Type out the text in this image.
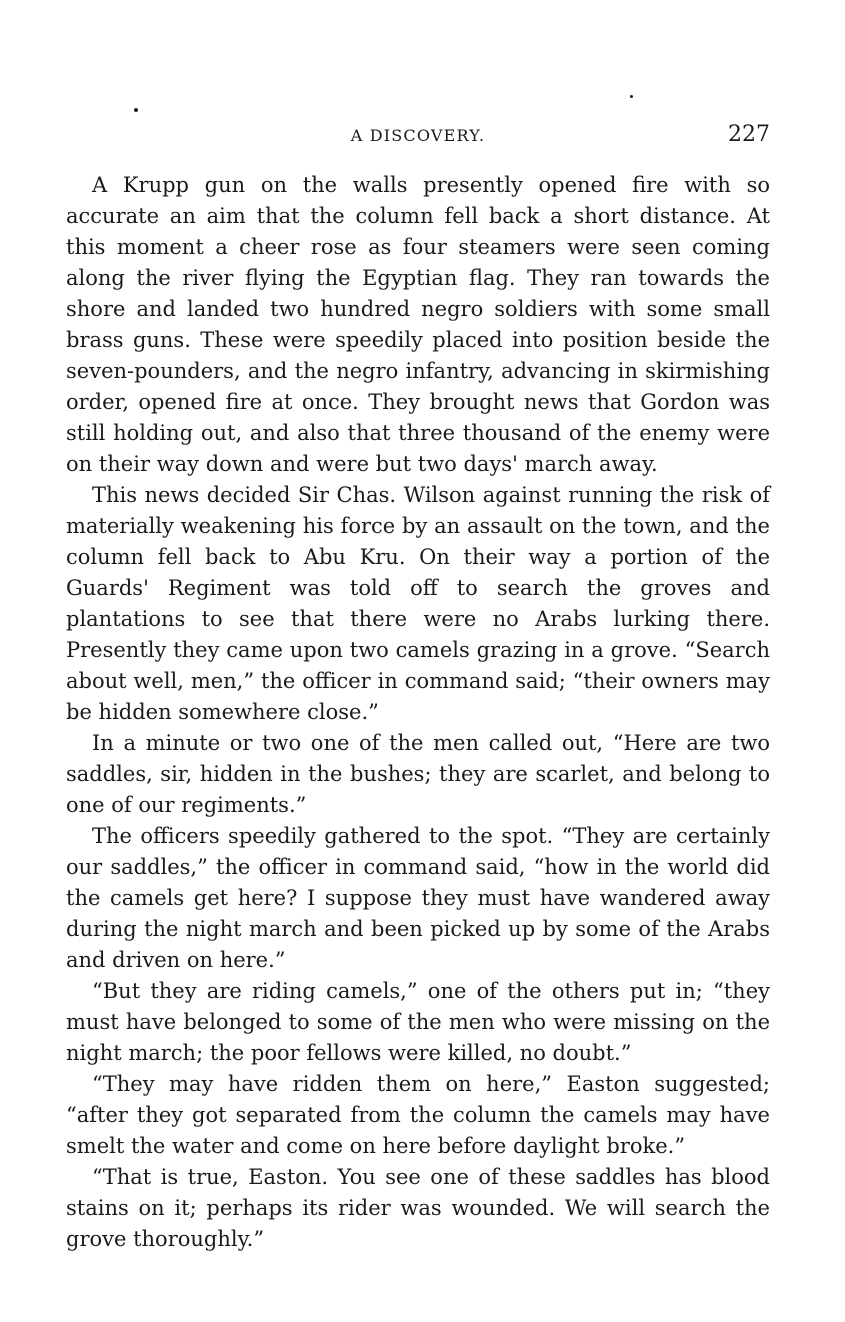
A DISCOVERY.	227

A Krupp gun on the walls presently opened fire with so accurate an aim that the column fell back a short distance. At this moment a cheer rose as four steamers were seen coming along the river flying the Egyptian flag. They ran towards the shore and landed two hundred negro soldiers with some small brass guns. These were speedily placed into position beside the seven-pounders, and the negro infantry, advancing in skirmishing order, opened fire at once. They brought news that Gordon was still holding out, and also that three thousand of the enemy were on their way down and were but two days' march away.

This news decided Sir Chas. Wilson against running the risk of materially weakening his force by an assault on the town, and the column fell back to Abu Kru. On their way a portion of the Guards' Regiment was told off to search the groves and plantations to see that there were no Arabs lurking there. Presently they came upon two camels grazing in a grove. “Search about well, men,” the officer in command said; “their owners may be hidden somewhere close.”

In a minute or two one of the men called out, “Here are two saddles, sir, hidden in the bushes; they are scarlet, and belong to one of our regiments.”

The officers speedily gathered to the spot. “They are certainly our saddles,” the officer in command said, “how in the world did the camels get here? I suppose they must have wandered away during the night march and been picked up by some of the Arabs and driven on here.”

“But they are riding camels,” one of the others put in; “they must have belonged to some of the men who were missing on the night march; the poor fellows were killed, no doubt.”

“They may have ridden them on here,” Easton suggested; “after they got separated from the column the camels may have smelt the water and come on here before daylight broke.”

“That is true, Easton. You see one of these saddles has blood stains on it; perhaps its rider was wounded. We will search the grove thoroughly.”
